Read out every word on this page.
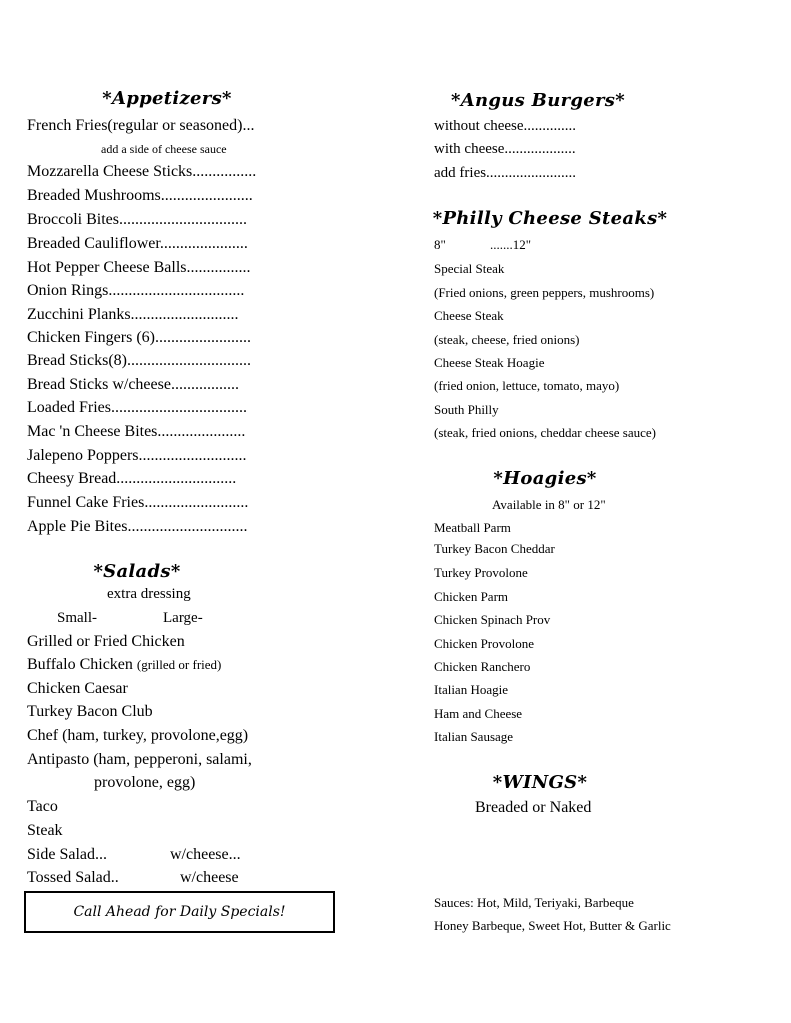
*Appetizers*
French Fries(regular or seasoned)...
add a side of cheese sauce
Mozzarella Cheese Sticks................
Breaded Mushrooms.......................
Broccoli Bites................................
Breaded Cauliflower......................
Hot Pepper Cheese Balls................
Onion Rings..................................
Zucchini Planks...........................
Chicken Fingers (6)........................
Bread Sticks(8)...............................
Bread Sticks w/cheese.................
Loaded Fries..................................
Mac 'n Cheese Bites......................
Jalepeno Poppers...........................
Cheesy Bread..............................
Funnel Cake Fries..........................
Apple Pie Bites..............................
*Salads*
extra dressing
Small-	Large-
Grilled or Fried Chicken
Buffalo Chicken (grilled or fried)
Chicken Caesar
Turkey Bacon Club
Chef (ham, turkey, provolone,egg)
Antipasto (ham, pepperoni, salami,
provolone, egg)
Taco
Steak
Side Salad...	w/cheese...
Tossed Salad..	w/cheese
Call Ahead for Daily Specials!
*Angus Burgers*
without cheese..............
with cheese...................
add fries........................
*Philly Cheese Steaks*
8"	.......12"
Special Steak
(Fried onions, green peppers, mushrooms)
Cheese Steak
(steak, cheese, fried onions)
Cheese Steak Hoagie
(fried onion, lettuce, tomato, mayo)
South Philly
(steak, fried onions, cheddar cheese sauce)
*Hoagies*
Available in 8" or 12"
Meatball Parm
Turkey Bacon Cheddar
Turkey Provolone
Chicken Parm
Chicken Spinach Prov
Chicken Provolone
Chicken Ranchero
Italian Hoagie
Ham and Cheese
Italian Sausage
*WINGS*
Breaded or Naked
Sauces: Hot, Mild, Teriyaki, Barbeque
Honey Barbeque, Sweet Hot, Butter & Garlic
